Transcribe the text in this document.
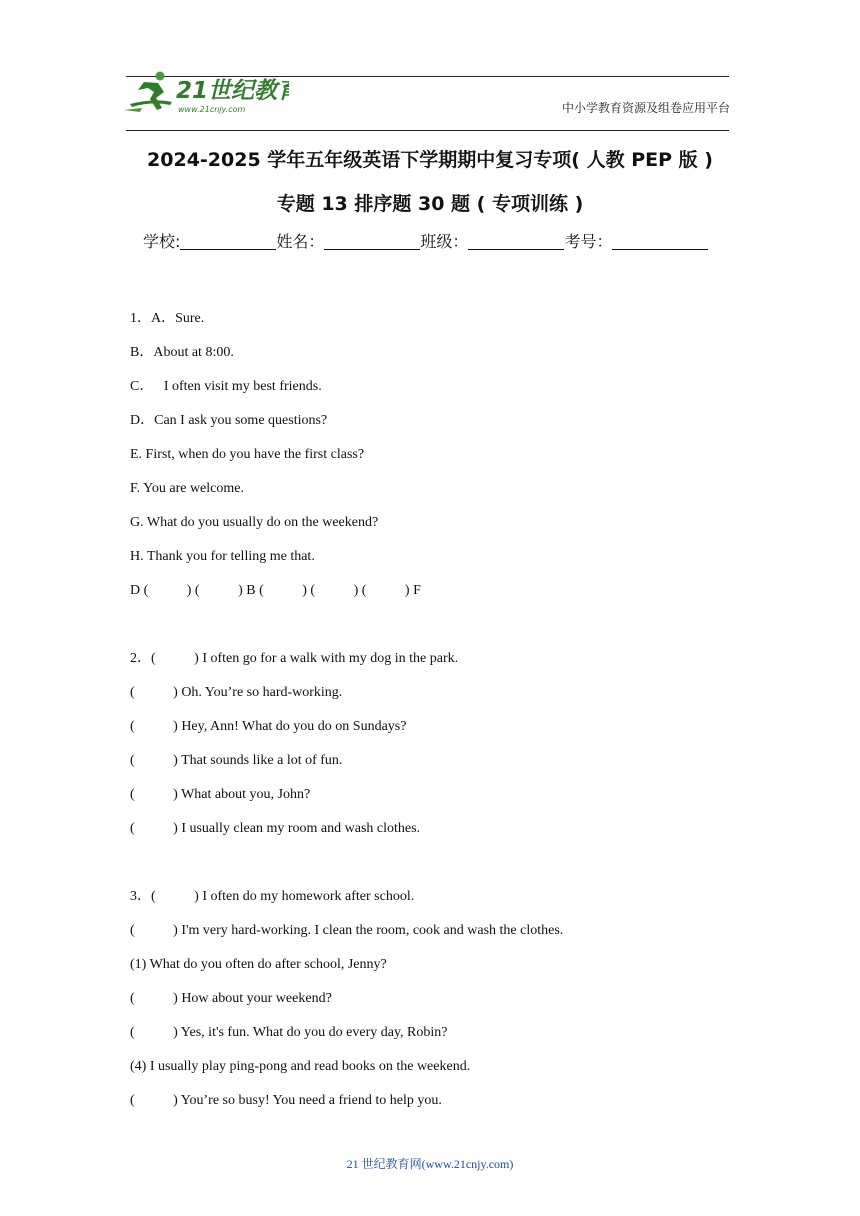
21世纪教育
www.21cnjy.com	中小学教育资源及组卷应用平台
2024-2025 学年五年级英语下学期期中复习专项( 人教 PEP 版 )
专题 13 排序题 30 题 ( 专项训练 )
学校:	姓名：	班级：	考号：
1．A．Sure.
B．About at 8:00.
C．   I often visit my best friends.
D．Can I ask you some questions?
E. First, when do you have the first class?
F. You are welcome.
G. What do you usually do on the weekend?
H. Thank you for telling me that.
D (           ) (           ) B (           ) (           ) (           ) F
2．(           ) I often go for a walk with my dog in the park.
(           ) Oh. You’re so hard-working.
(           ) Hey, Ann! What do you do on Sundays?
(           ) That sounds like a lot of fun.
(           ) What about you, John?
(           ) I usually clean my room and wash clothes.
3．(           ) I often do my homework after school.
(           ) I'm very hard-working. I clean the room, cook and wash the clothes.
(1) What do you often do after school, Jenny?
(           ) How about your weekend?
(           ) Yes, it's fun. What do you do every day, Robin?
(4) I usually play ping-pong and read books on the weekend.
(           ) You’re so busy! You need a friend to help you.
21 世纪教育网(www.21cnjy.com)
